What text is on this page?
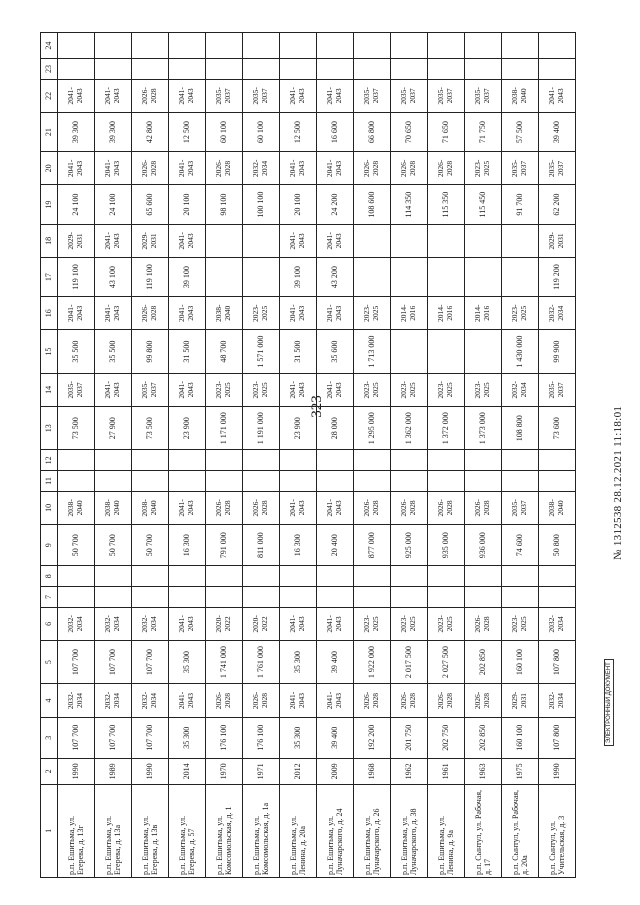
323
1	2	3	4	5	6	7	8	9	10	11	12	13	14	15	16	17	18	19	20	21	22	23	24
р.п. Ешитьма, ул. Егерева, д. 13г	1990	107 700	2032-2034	107 700	2032-2034			50 700	2038-2040			73 500	2035-2037	35 500	2041-2043	119 100	2029-2031	24 100	2041-2043	39 300	2041-2043		
р.п. Ешитьма, ул. Егерева, д. 13а	1989	107 700	2032-2034	107 700	2032-2034			50 700	2038-2040			27 900	2041-2043	35 500	2041-2043	43 100	2041-2043	24 100	2041-2043	39 300	2041-2043		
р.п. Ешитьма, ул. Егерева, д. 13в	1990	107 700	2032-2034	107 700	2032-2034			50 700	2038-2040			73 500	2035-2037	99 800	2026-2028	119 100	2029-2031	65 600	2026-2028	42 800	2026-2028		
р.п. Ешитьма, ул. Егерева, д. 57	2014	35 300	2041-2043	35 300	2041-2043			16 300	2041-2043			23 900	2041-2043	31 500	2041-2043	39 100	2041-2043	20 100	2041-2043	12 500	2041-2043		
р.п. Ешитьма, ул. Комсомольская, д. 1	1970	176 100	2026-2028	1 741 000	2020-2022			791 000	2026-2028			1 171 000	2023-2025	48 700	2038-2040			98 100	2026-2028	60 100	2035-2037		
р.п. Ешитьма, ул. Комсомольская, д. 1а	1971	176 100	2026-2028	1 761 000	2020-2022			811 000	2026-2028			1 191 000	2023-2025	1 571 000	2023-2025			100 100	2032-2034	60 100	2035-2037		
р.п. Ешитьма, ул. Ленина, д. 20а	2012	35 300	2041-2043	35 300	2041-2043			16 300	2041-2043			23 900	2041-2043	31 500	2041-2043	39 100	2041-2043	20 100	2041-2043	12 500	2041-2043		
р.п. Ешитьма, ул. Луначарского, д. 24	2009	39 400	2041-2043	39 400	2041-2043			20 400	2041-2043			28 000	2041-2043	35 600	2041-2043	43 200	2041-2043	24 200	2041-2043	16 600	2041-2043		
р.п. Ешитьма, ул. Луначарского, д. 26	1968	192 200	2026-2028	1 922 000	2023-2025			877 000	2026-2028			1 295 000	2023-2025	1 713 000	2023-2025			108 600	2026-2028	66 800	2035-2037		
р.п. Ешитьма, ул. Луначарского, д. 38	1962	201 750	2026-2028	2 017 500	2023-2025			925 000	2026-2028			1 362 000	2023-2025		2014-2016			114 350	2026-2028	70 650	2035-2037		
р.п. Ешитьма, ул. Ленина, д. 9а	1961	202 750	2026-2028	2 027 500	2023-2025			935 000	2026-2028			1 372 000	2023-2025		2014-2016			115 350	2026-2028	71 650	2035-2037		
р.п. Сынтул, ул. Рабочая, д. 17	1963	202 850	2026-2028	202 850	2026-2028			936 000	2026-2028			1 373 000	2023-2025		2014-2016			115 450	2023-2025	71 750	2035-2037		
р.п. Сынтул, ул. Рабочая, д. 20а	1975	160 100	2029-2031	160 100	2023-2025			74 600	2035-2037			108 800	2032-2034	1 430 000	2023-2025			91 700	2035-2037	57 500	2038-2040		
р.п. Сынтул, ул. Учительская, д. 3	1990	107 800	2032-2034	107 800	2032-2034			50 800	2038-2040			73 600	2035-2037	99 900	2032-2034	119 200	2029-2031	62 200	2035-2037	39 400	2041-2043		
№ 1312538 28.12.2021 11:18:01
ЭЛЕКТРОННЫЙ ДОКУМЕНТ
